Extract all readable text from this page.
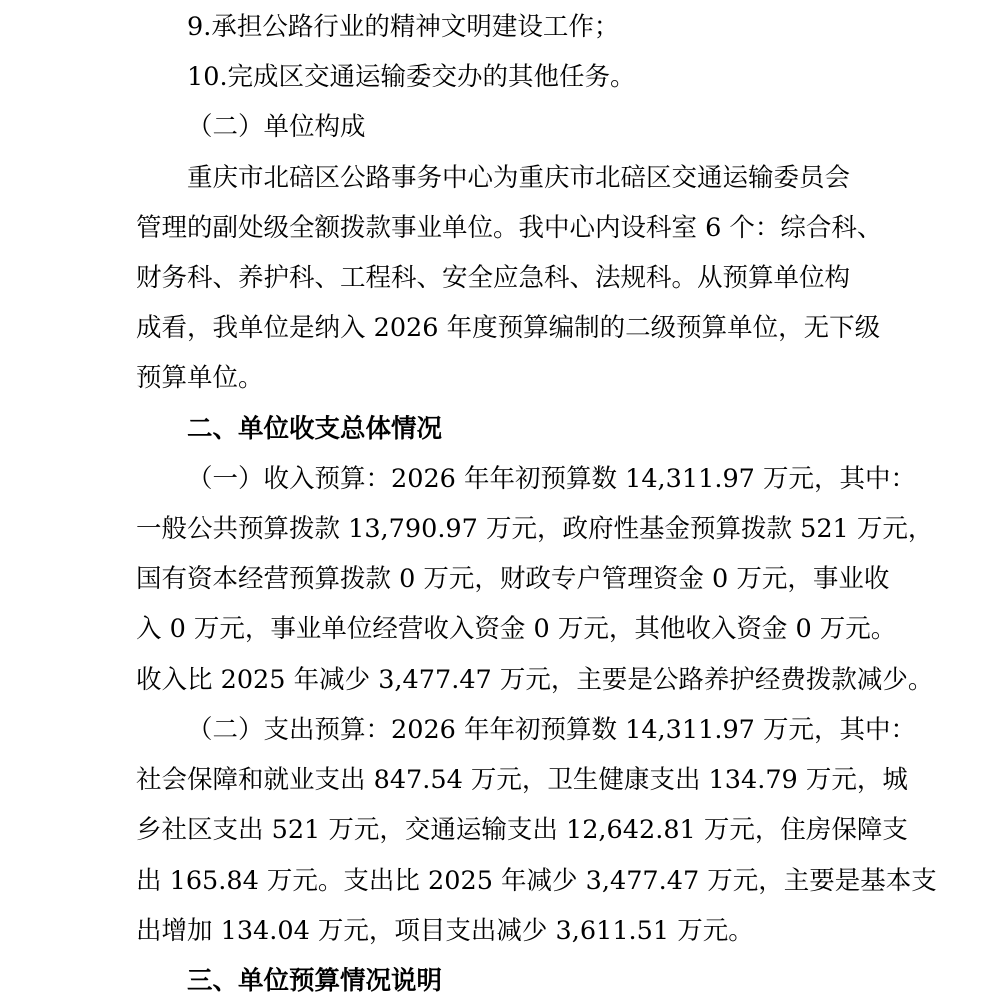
9.承担公路行业的精神文明建设工作；
10.完成区交通运输委交办的其他任务。
（二）单位构成
重庆市北碚区公路事务中心为重庆市北碚区交通运输委员会
管理的副处级全额拨款事业单位。我中心内设科室 6 个：综合科、
财务科、养护科、工程科、安全应急科、法规科。从预算单位构
成看，我单位是纳入 2026 年度预算编制的二级预算单位，无下级
预算单位。
二、单位收支总体情况
（一）收入预算：2026 年年初预算数 14,311.97 万元，其中：
一般公共预算拨款 13,790.97 万元，政府性基金预算拨款 521 万元，
国有资本经营预算拨款 0 万元，财政专户管理资金 0 万元，事业收
入 0 万元，事业单位经营收入资金 0 万元，其他收入资金 0 万元。
收入比 2025 年减少 3,477.47 万元，主要是公路养护经费拨款减少。
（二）支出预算：2026 年年初预算数 14,311.97 万元，其中：
社会保障和就业支出 847.54 万元，卫生健康支出 134.79 万元，城
乡社区支出 521 万元，交通运输支出 12,642.81 万元，住房保障支
出 165.84 万元。支出比 2025 年减少 3,477.47 万元，主要是基本支
出增加 134.04 万元，项目支出减少 3,611.51 万元。
三、单位预算情况说明
